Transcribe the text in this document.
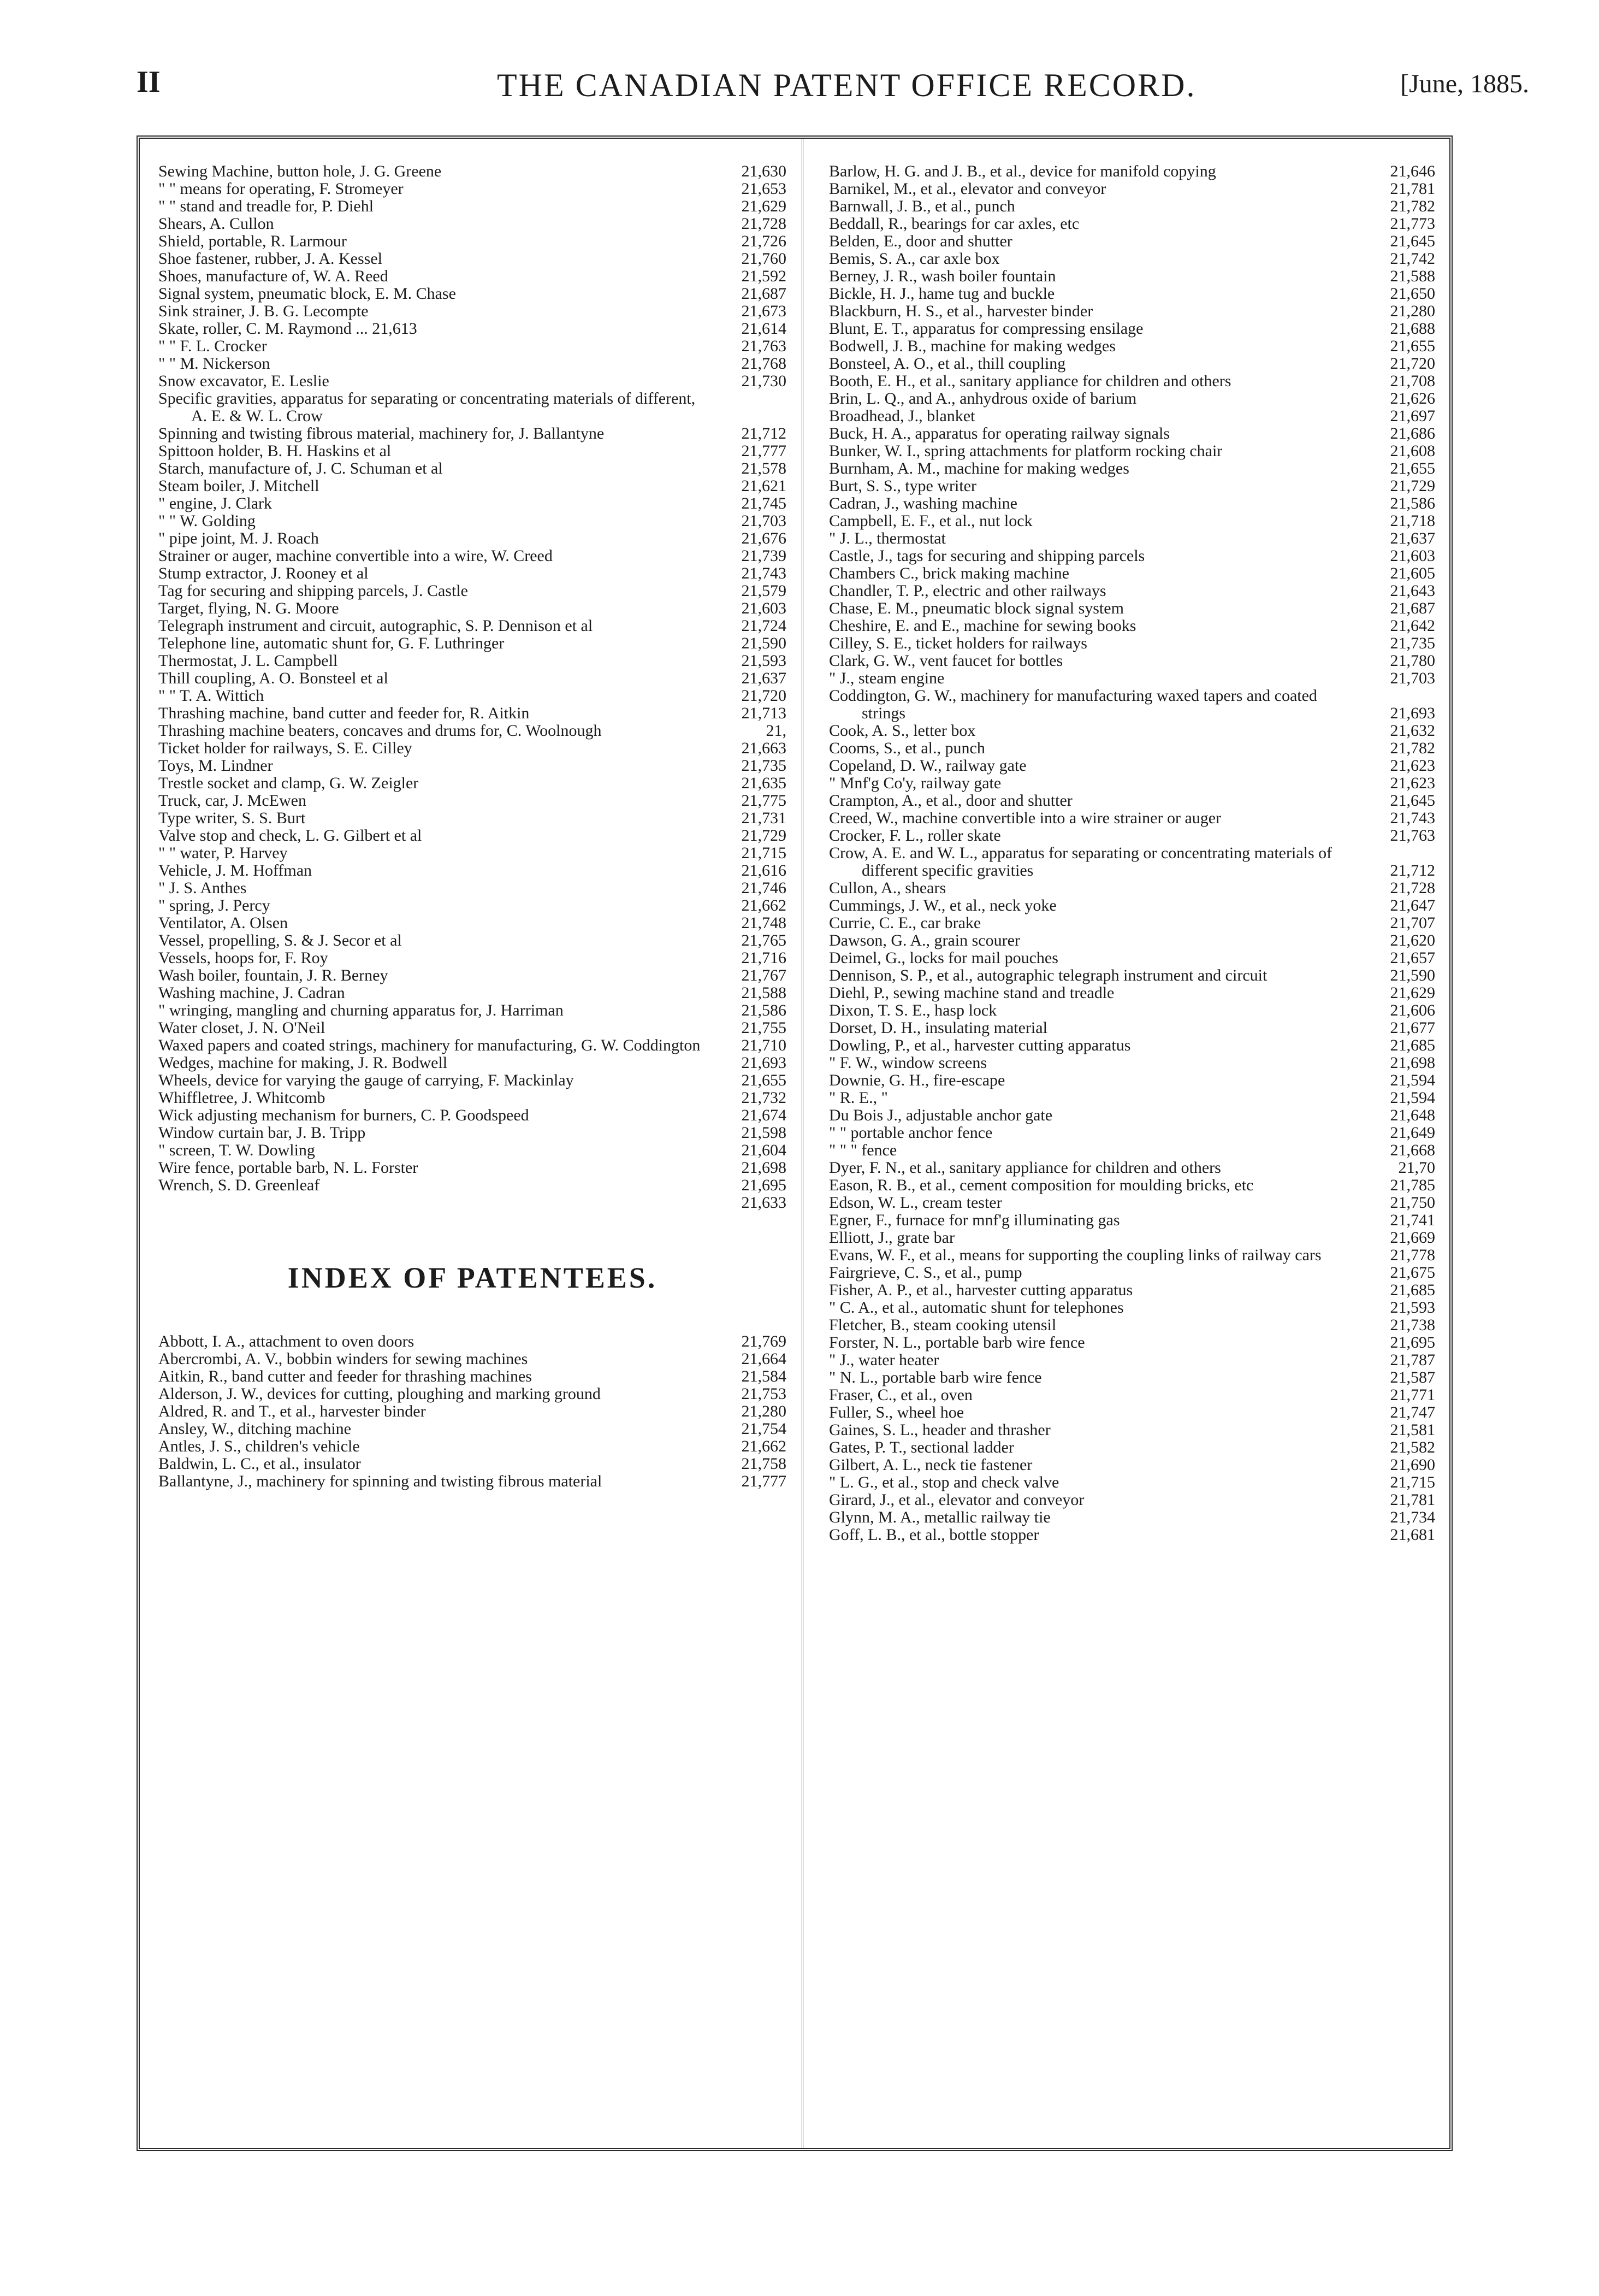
II	THE CANADIAN PATENT OFFICE RECORD.	[June, 1885.
Sewing Machine, button hole, J. G. Greene	21,630
" " means for operating, F. Stromeyer	21,653
" " stand and treadle for, P. Diehl	21,629
Shears, A. Cullon	21,728
Shield, portable, R. Larmour	21,726
Shoe fastener, rubber, J. A. Kessel	21,760
Shoes, manufacture of, W. A. Reed	21,592
Signal system, pneumatic block, E. M. Chase	21,687
Sink strainer, J. B. G. Lecompte	21,673
Skate, roller, C. M. Raymond ... 21,613	21,614
" " F. L. Crocker	21,763
" " M. Nickerson	21,768
Snow excavator, E. Leslie	21,730
Specific gravities, apparatus for separating or concentrating materials of different, A. E. & W. L. Crow
Spinning and twisting fibrous material, machinery for, J. Ballantyne	21,712
Spittoon holder, B. H. Haskins et al	21,777
Starch, manufacture of, J. C. Schuman et al	21,578
Steam boiler, J. Mitchell	21,621
" engine, J. Clark	21,745
" " W. Golding	21,703
" pipe joint, M. J. Roach	21,676
Strainer or auger, machine convertible into a wire, W. Creed	21,739
Stump extractor, J. Rooney et al	21,743
Tag for securing and shipping parcels, J. Castle	21,579
Target, flying, N. G. Moore	21,603
Telegraph instrument and circuit, autographic, S. P. Dennison et al	21,724
Telephone line, automatic shunt for, G. F. Luthringer	21,590
Thermostat, J. L. Campbell	21,593
Thill coupling, A. O. Bonsteel et al	21,637
" " T. A. Wittich	21,720
Thrashing machine, band cutter and feeder for, R. Aitkin	21,713
Thrashing machine beaters, concaves and drums for, C. Woolnough	21,
Ticket holder for railways, S. E. Cilley	21,663
Toys, M. Lindner	21,735
Trestle socket and clamp, G. W. Zeigler	21,635
Truck, car, J. McEwen	21,775
Type writer, S. S. Burt	21,731
Valve stop and check, L. G. Gilbert et al	21,729
" " water, P. Harvey	21,715
Vehicle, J. M. Hoffman	21,616
" J. S. Anthes	21,746
" spring, J. Percy	21,662
Ventilator, A. Olsen	21,748
Vessel, propelling, S. & J. Secor et al	21,765
Vessels, hoops for, F. Roy	21,716
Wash boiler, fountain, J. R. Berney	21,767
Washing machine, J. Cadran	21,588
" wringing, mangling and churning apparatus for, J. Harriman	21,586
Water closet, J. N. O'Neil	21,755
Waxed papers and coated strings, machinery for manufacturing, G. W. Coddington	21,710
Wedges, machine for making, J. R. Bodwell	21,693
Wheels, device for varying the gauge of carrying, F. Mackinlay	21,655
Whiffletree, J. Whitcomb	21,732
Wick adjusting mechanism for burners, C. P. Goodspeed	21,674
Window curtain bar, J. B. Tripp	21,598
" screen, T. W. Dowling	21,604
Wire fence, portable barb, N. L. Forster	21,698
Wrench, S. D. Greenleaf	21,695
21,633
INDEX OF PATENTEES.
Abbott, I. A., attachment to oven doors	21,769
Abercrombi, A. V., bobbin winders for sewing machines	21,664
Aitkin, R., band cutter and feeder for thrashing machines	21,584
Alderson, J. W., devices for cutting, ploughing and marking ground	21,753
Aldred, R. and T., et al., harvester binder	21,280
Ansley, W., ditching machine	21,754
Antles, J. S., children's vehicle	21,662
Baldwin, L. C., et al., insulator	21,758
Ballantyne, J., machinery for spinning and twisting fibrous material	21,777
Barlow, H. G. and J. B., et al., device for manifold copying	21,646
Barnikel, M., et al., elevator and conveyor	21,781
Barnwall, J. B., et al., punch	21,782
Beddall, R., bearings for car axles, etc	21,773
Belden, E., door and shutter	21,645
Bemis, S. A., car axle box	21,742
Berney, J. R., wash boiler fountain	21,588
Bickle, H. J., hame tug and buckle	21,650
Blackburn, H. S., et al., harvester binder	21,280
Blunt, E. T., apparatus for compressing ensilage	21,688
Bodwell, J. B., machine for making wedges	21,655
Bonsteel, A. O., et al., thill coupling	21,720
Booth, E. H., et al., sanitary appliance for children and others	21,708
Brin, L. Q., and A., anhydrous oxide of barium	21,626
Broadhead, J., blanket	21,697
Buck, H. A., apparatus for operating railway signals	21,686
Bunker, W. I., spring attachments for platform rocking chair	21,608
Burnham, A. M., machine for making wedges	21,655
Burt, S. S., type writer	21,729
Cadran, J., washing machine	21,586
Campbell, E. F., et al., nut lock	21,718
" J. L., thermostat	21,637
Castle, J., tags for securing and shipping parcels	21,603
Chambers C., brick making machine	21,605
Chandler, T. P., electric and other railways	21,643
Chase, E. M., pneumatic block signal system	21,687
Cheshire, E. and E., machine for sewing books	21,642
Cilley, S. E., ticket holders for railways	21,735
Clark, G. W., vent faucet for bottles	21,780
" J., steam engine	21,703
Coddington, G. W., machinery for manufacturing waxed tapers and coated strings	21,693
Cook, A. S., letter box	21,632
Cooms, S., et al., punch	21,782
Copeland, D. W., railway gate	21,623
" Mnf'g Co'y, railway gate	21,623
Crampton, A., et al., door and shutter	21,645
Creed, W., machine convertible into a wire strainer or auger	21,743
Crocker, F. L., roller skate	21,763
Crow, A. E. and W. L., apparatus for separating or concentrating materials of different specific gravities	21,712
Cullon, A., shears	21,728
Cummings, J. W., et al., neck yoke	21,647
Currie, C. E., car brake	21,707
Dawson, G. A., grain scourer	21,620
Deimel, G., locks for mail pouches	21,657
Dennison, S. P., et al., autographic telegraph instrument and circuit	21,590
Diehl, P., sewing machine stand and treadle	21,629
Dixon, T. S. E., hasp lock	21,606
Dorset, D. H., insulating material	21,677
Dowling, P., et al., harvester cutting apparatus	21,685
" F. W., window screens	21,698
Downie, G. H., fire-escape	21,594
" R. E., "	21,594
Du Bois J., adjustable anchor gate	21,648
" " portable anchor fence	21,649
" " " fence	21,668
Dyer, F. N., et al., sanitary appliance for children and others	21,70
Eason, R. B., et al., cement composition for moulding bricks, etc	21,785
Edson, W. L., cream tester	21,750
Egner, F., furnace for mnf'g illuminating gas	21,741
Elliott, J., grate bar	21,669
Evans, W. F., et al., means for supporting the coupling links of railway cars	21,778
Fairgrieve, C. S., et al., pump	21,675
Fisher, A. P., et al., harvester cutting apparatus	21,685
" C. A., et al., automatic shunt for telephones	21,593
Fletcher, B., steam cooking utensil	21,738
Forster, N. L., portable barb wire fence	21,695
" J., water heater	21,787
" N. L., portable barb wire fence	21,587
Fraser, C., et al., oven	21,771
Fuller, S., wheel hoe	21,747
Gaines, S. L., header and thrasher	21,581
Gates, P. T., sectional ladder	21,582
Gilbert, A. L., neck tie fastener	21,690
" L. G., et al., stop and check valve	21,715
Girard, J., et al., elevator and conveyor	21,781
Glynn, M. A., metallic railway tie	21,734
Goff, L. B., et al., bottle stopper	21,681
